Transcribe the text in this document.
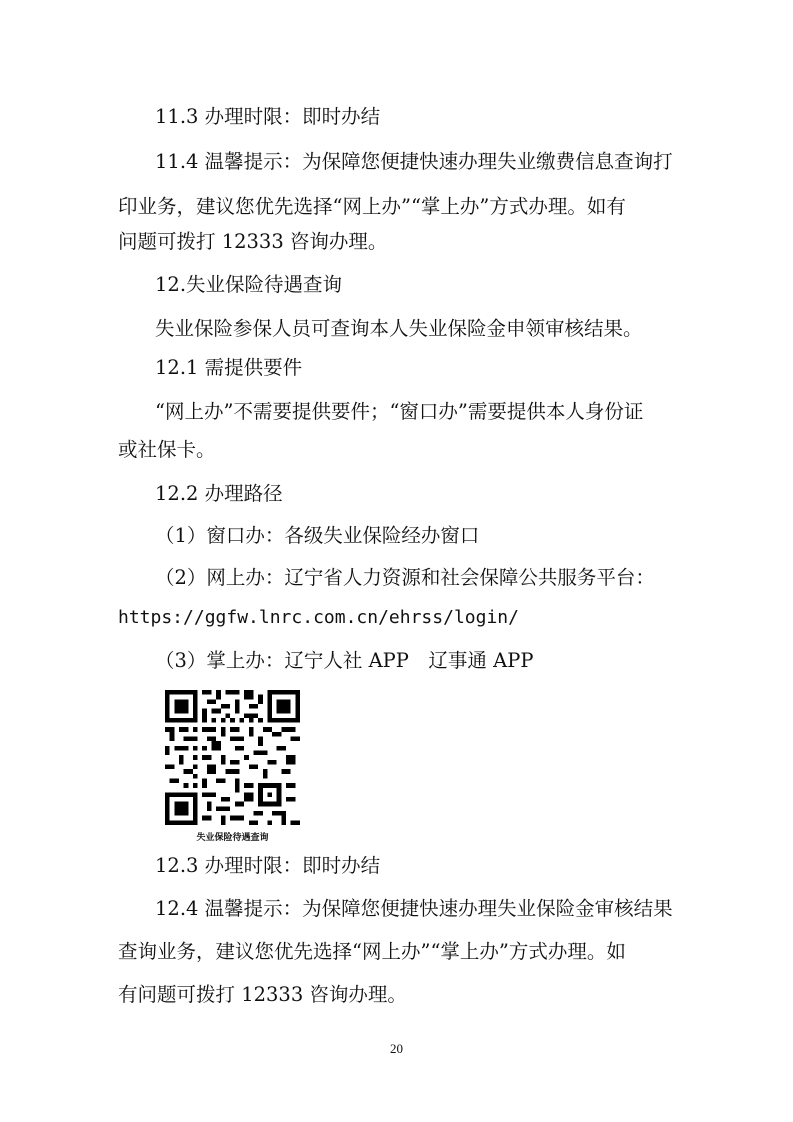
11.3 办理时限：即时办结
11.4 温馨提示：为保障您便捷快速办理失业缴费信息查询打
印业务，建议您优先选择“网上办”“掌上办”方式办理。如有
问题可拨打 12333 咨询办理。
12.失业保险待遇查询
失业保险参保人员可查询本人失业保险金申领审核结果。
12.1 需提供要件
“网上办”不需要提供要件；“窗口办”需要提供本人身份证
或社保卡。
12.2 办理路径
（1）窗口办：各级失业保险经办窗口
（2）网上办：辽宁省人力资源和社会保障公共服务平台：
https://ggfw.lnrc.com.cn/ehrss/login/
（3）掌上办：辽宁人社 APP　辽事通 APP
失业保险待遇查询
12.3 办理时限：即时办结
12.4 温馨提示：为保障您便捷快速办理失业保险金审核结果
查询业务，建议您优先选择“网上办”“掌上办”方式办理。如
有问题可拨打 12333 咨询办理。
20
